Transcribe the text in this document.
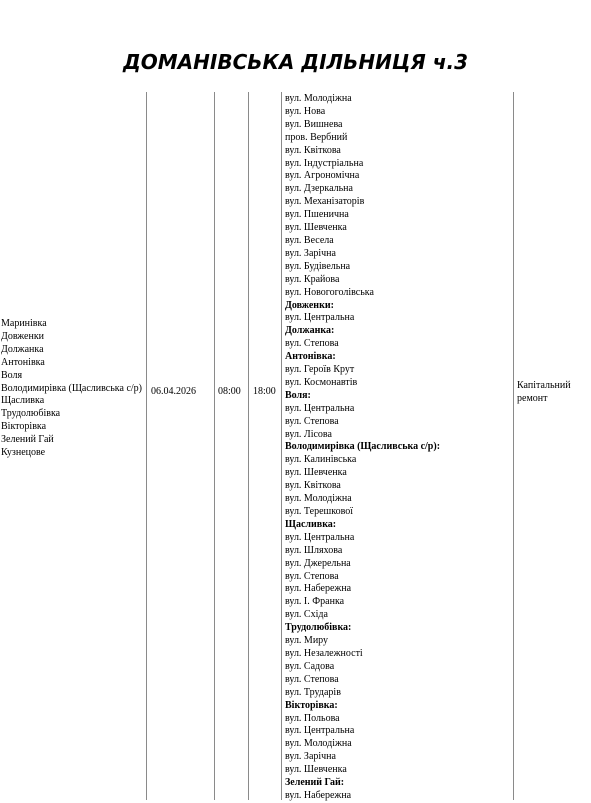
ДОМАНІВСЬКА ДІЛЬНИЦЯ ч.3
Маринівка
Довженки
Должанка
Антонівка
Воля
Володимирівка (Щасливська с/р)
Щасливка
Трудолюбівка
Вікторівка
Зелений Гай
Кузнецове
06.04.2026	08:00	18:00
вул. Молодіжна
вул. Нова
вул. Вишнева
пров. Вербний
вул. Квіткова
вул. Індустріальна
вул. Агрономічна
вул. Дзеркальна
вул. Механізаторів
вул. Пшенична
вул. Шевченка
вул. Весела
вул. Зарічна
вул. Будівельна
вул. Крайова
вул. Новогоголівська
Довженки:
вул. Центральна
Должанка:
вул. Степова
Антонівка:
вул. Героїв Крут
вул. Космонавтів
Воля:
вул. Центральна
вул. Степова
вул. Лісова
Володимирівка (Щасливська с/р):
вул. Калинівська
вул. Шевченка
вул. Квіткова
вул. Молодіжна
вул. Терешкової
Щасливка:
вул. Центральна
вул. Шляхова
вул. Джерельна
вул. Степова
вул. Набережна
вул. І. Франка
вул. Східа
Трудолюбівка:
вул. Миру
вул. Незалежності
вул. Садова
вул. Степова
вул. Трударів
Вікторівка:
вул. Польова
вул. Центральна
вул. Молодіжна
вул. Зарічна
вул. Шевченка
Зелений Гай:
вул. Набережна
Капітальний ремонт
